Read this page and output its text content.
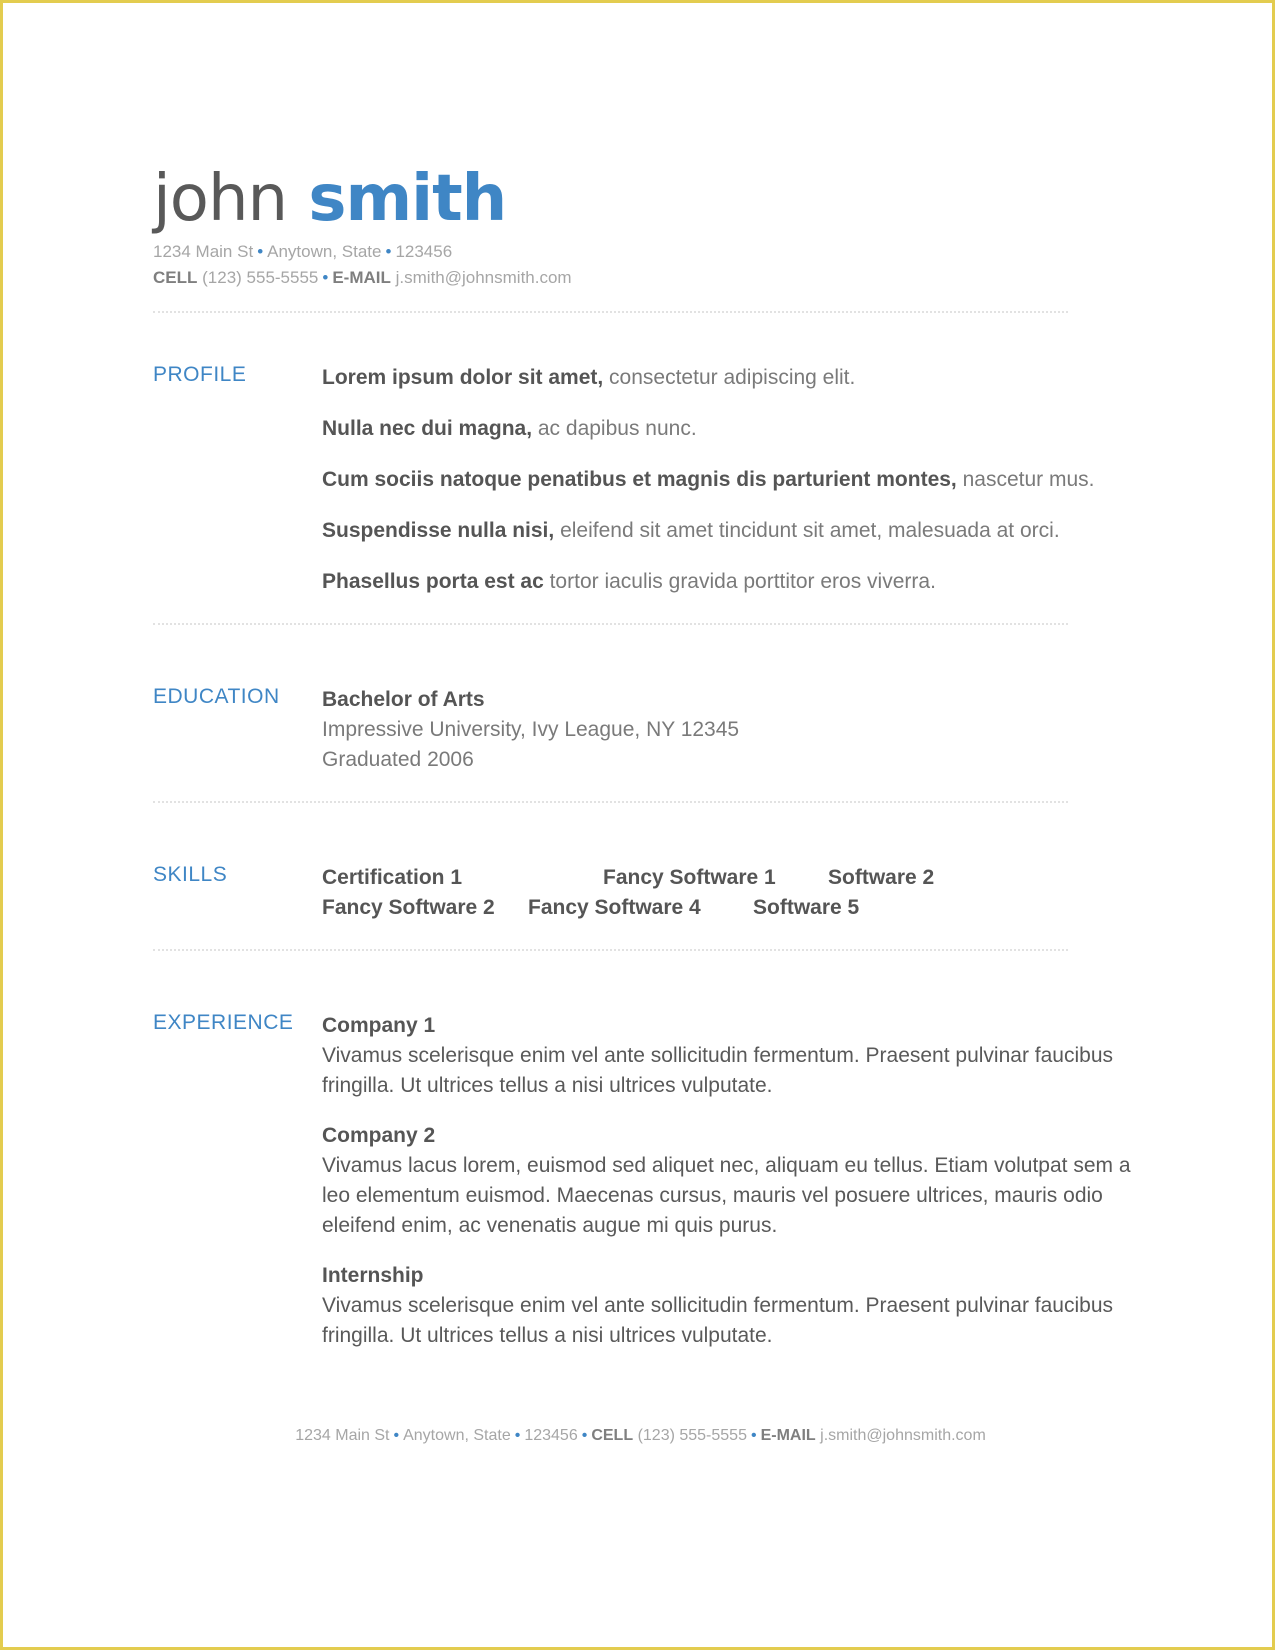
john smith
1234 Main St • Anytown, State • 123456
CELL (123) 555-5555 • E-MAIL j.smith@johnsmith.com
PROFILE	Lorem ipsum dolor sit amet, consectetur adipiscing elit.

Nulla nec dui magna, ac dapibus nunc.

Cum sociis natoque penatibus et magnis dis parturient montes, nascetur mus.

Suspendisse nulla nisi, eleifend sit amet tincidunt sit amet, malesuada at orci.

Phasellus porta est ac tortor iaculis gravida porttitor eros viverra.

EDUCATION Bachelor of Arts

Impressive University, Ivy League, NY 12345

Graduated 2006

SKILLS	Certification 1	Fancy Software 1	Software 2
Fancy Software 2	Fancy Software 4	Software 5
EXPERIENCE Company 1
Vivamus scelerisque enim vel ante sollicitudin fermentum. Praesent pulvinar faucibus fringilla. Ut ultrices tellus a nisi ultrices vulputate.
Company 2
Vivamus lacus lorem, euismod sed aliquet nec, aliquam eu tellus. Etiam volutpat sem a leo elementum euismod. Maecenas cursus, mauris vel posuere ultrices, mauris odio eleifend enim, ac venenatis augue mi quis purus.
Internship
Vivamus scelerisque enim vel ante sollicitudin fermentum. Praesent pulvinar faucibus fringilla. Ut ultrices tellus a nisi ultrices vulputate.
1234 Main St • Anytown, State • 123456 • CELL (123) 555-5555 • E-MAIL j.smith@johnsmith.com
